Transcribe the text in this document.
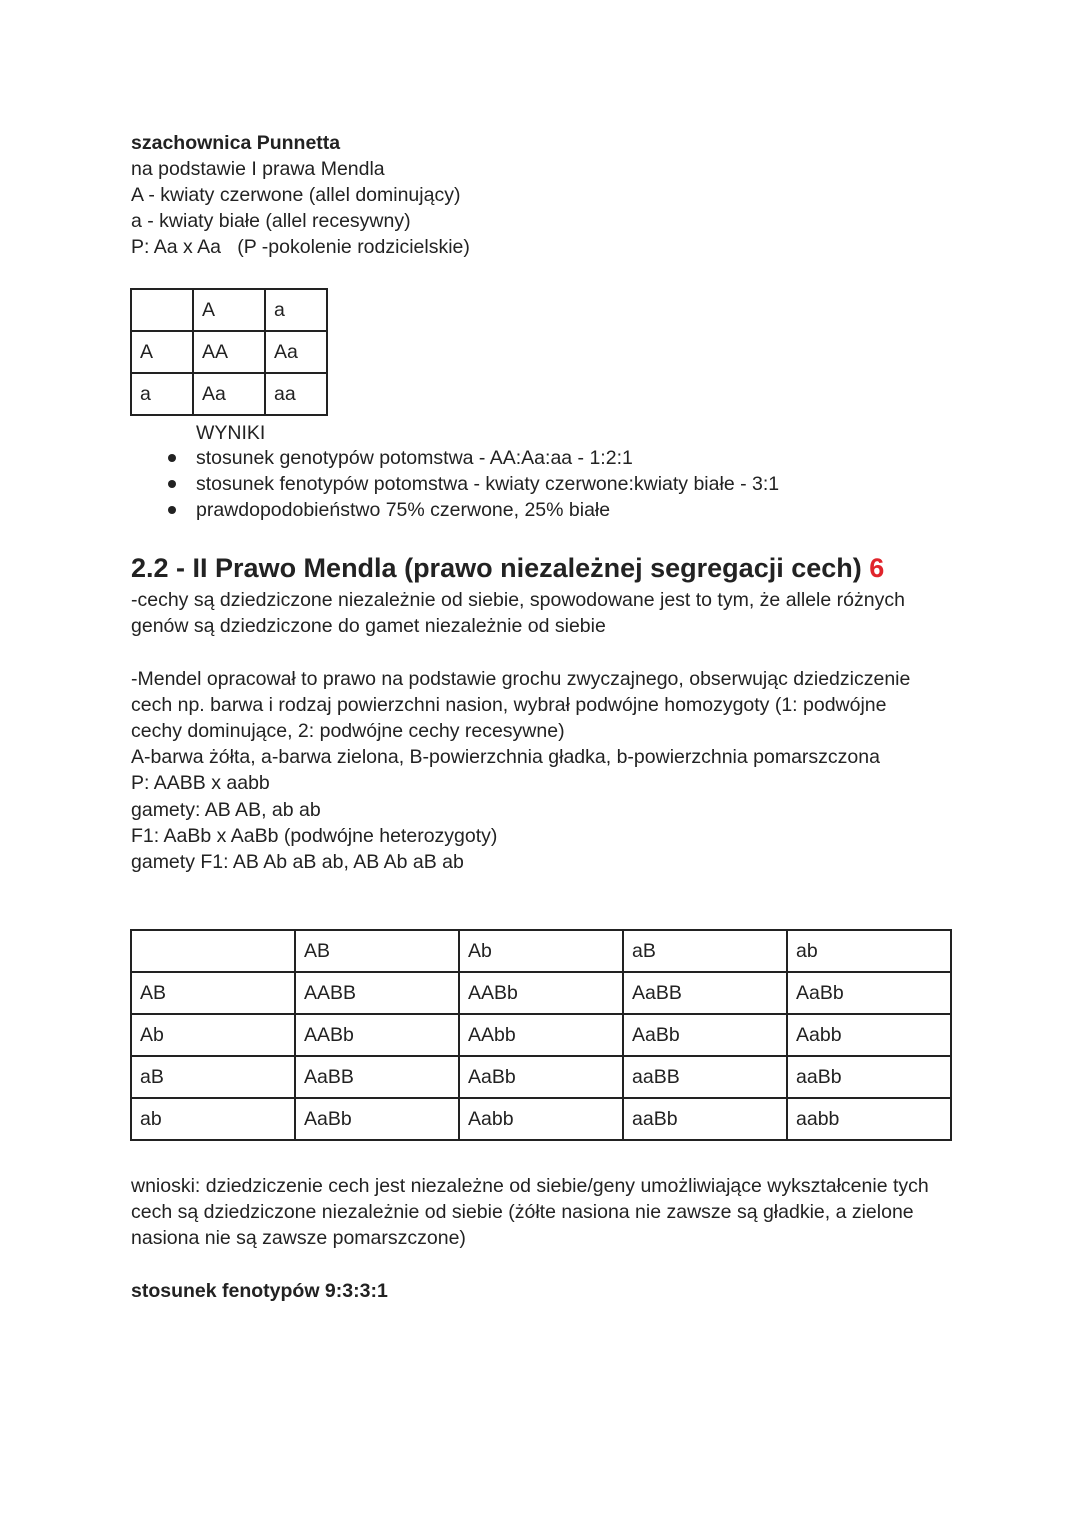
szachownica Punnetta
na podstawie I prawa Mendla
A - kwiaty czerwone (allel dominujący)
a - kwiaty białe (allel recesywny)
P: Aa x Aa   (P -pokolenie rodzicielskie)
	A	a
A	AA	Aa
a	Aa	aa
WYNIKI
stosunek genotypów potomstwa - AA:Aa:aa - 1:2:1
stosunek fenotypów potomstwa - kwiaty czerwone:kwiaty białe - 3:1
prawdopodobieństwo 75% czerwone, 25% białe
2.2 - II Prawo Mendla (prawo niezależnej segregacji cech) 6
-cechy są dziedziczone niezależnie od siebie, spowodowane jest to tym, że allele różnych
genów są dziedziczone do gamet niezależnie od siebie
-Mendel opracował to prawo na podstawie grochu zwyczajnego, obserwując dziedziczenie
cech np. barwa i rodzaj powierzchni nasion, wybrał podwójne homozygoty (1: podwójne
cechy dominujące, 2: podwójne cechy recesywne)
A-barwa żółta, a-barwa zielona, B-powierzchnia gładka, b-powierzchnia pomarszczona
P: AABB x aabb
gamety: AB AB, ab ab
F1: AaBb x AaBb (podwójne heterozygoty)
gamety F1: AB Ab aB ab, AB Ab aB ab
	AB	Ab	aB	ab
AB	AABB	AABb	AaBB	AaBb
Ab	AABb	AAbb	AaBb	Aabb
aB	AaBB	AaBb	aaBB	aaBb
ab	AaBb	Aabb	aaBb	aabb
wnioski: dziedziczenie cech jest niezależne od siebie/geny umożliwiające wykształcenie tych
cech są dziedziczone niezależnie od siebie (żółte nasiona nie zawsze są gładkie, a zielone
nasiona nie są zawsze pomarszczone)
stosunek fenotypów 9:3:3:1
